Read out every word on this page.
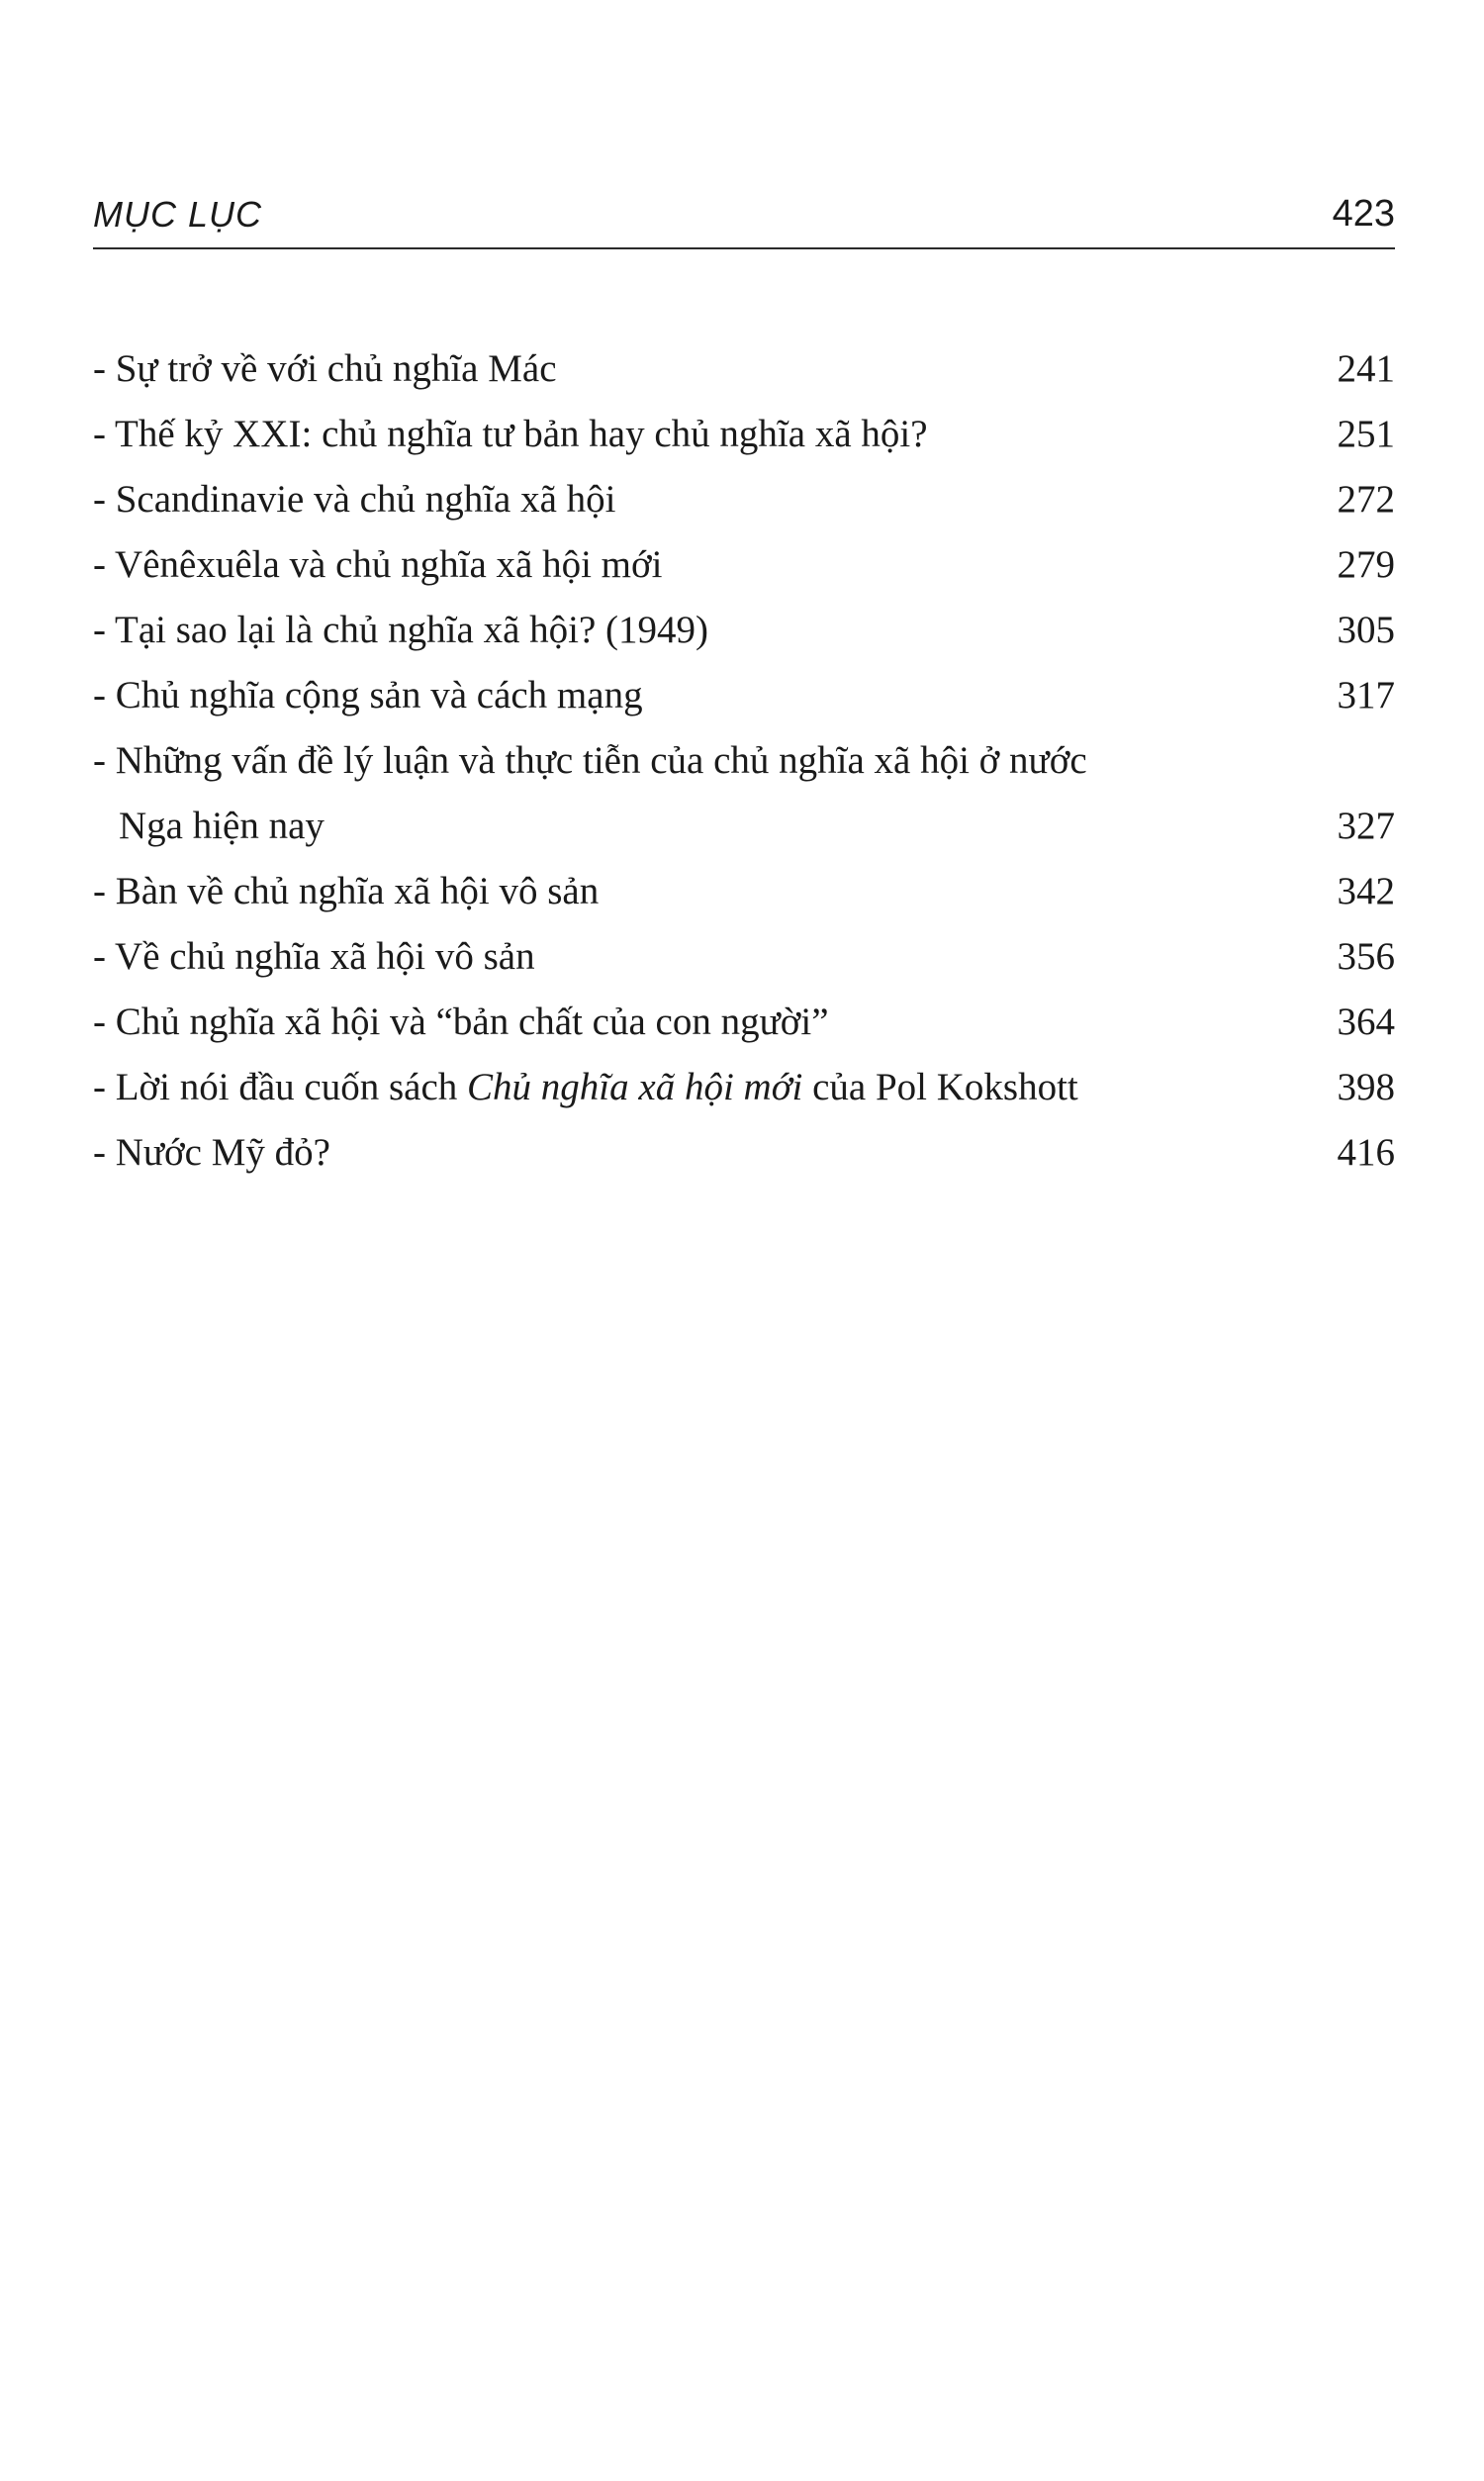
MỤC LỤC	423
- Sự trở về với chủ nghĩa Mác	241
- Thế kỷ XXI: chủ nghĩa tư bản hay chủ nghĩa xã hội?	251
- Scandinavie và chủ nghĩa xã hội	272
- Vênêxuêla và chủ nghĩa xã hội mới	279
- Tại sao lại là chủ nghĩa xã hội? (1949)	305
- Chủ nghĩa cộng sản và cách mạng	317
- Những vấn đề lý luận và thực tiễn của chủ nghĩa xã hội ở nước
Nga hiện nay	327
- Bàn về chủ nghĩa xã hội vô sản	342
- Về chủ nghĩa xã hội vô sản	356
- Chủ nghĩa xã hội và “bản chất của con người”	364
- Lời nói đầu cuốn sách Chủ nghĩa xã hội mới của Pol Kokshott	398
- Nước Mỹ đỏ?	416
